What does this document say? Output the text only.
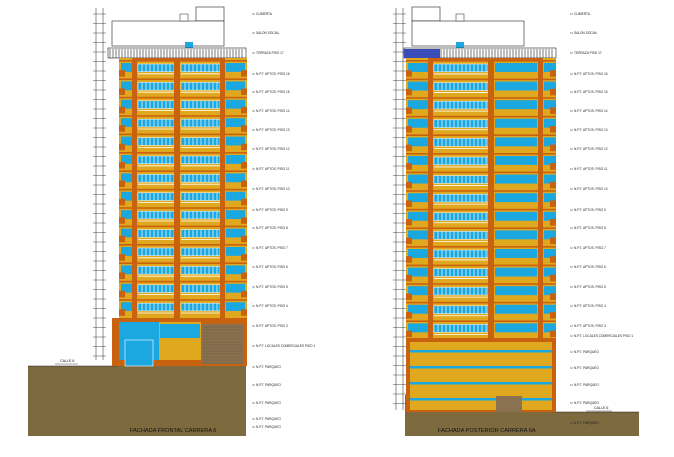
CUBIERTA
SALON SOCIAL
TERRAZA PISO 17
N.P.T. APTOS. PISO 16
N.P.T. APTOS. PISO 15
N.P.T. APTOS. PISO 14
N.P.T. APTOS. PISO 13
N.P.T. APTOS. PISO 12
N.P.T. APTOS. PISO 11
N.P.T. APTOS. PISO 10
N.P.T. APTOS. PISO 9
N.P.T. APTOS. PISO 8
N.P.T. APTOS. PISO 7
N.P.T. APTOS. PISO 6
N.P.T. APTOS. PISO 5
N.P.T. APTOS. PISO 4
N.P.T. APTOS. PISO 3
N.P.T. LOCALES COMERCIALES PISO 1
N.P.T. PARQUEO
N.P.T. PARQUEO
N.P.T. PARQUEO
N.P.T. PARQUEO
N.P.T. PARQUEO
CALLE 6
FACHADA FRONTAL CARRERA 6
CUBIERTA
SALON SOCIAL
TERRAZA PISO 17
N.P.T. APTOS. PISO 16
N.P.T. APTOS. PISO 15
N.P.T. APTOS. PISO 14
N.P.T. APTOS. PISO 13
N.P.T. APTOS. PISO 12
N.P.T. APTOS. PISO 11
N.P.T. APTOS. PISO 10
N.P.T. APTOS. PISO 9
N.P.T. APTOS. PISO 8
N.P.T. APTOS. PISO 7
N.P.T. APTOS. PISO 6
N.P.T. APTOS. PISO 5
N.P.T. APTOS. PISO 4
N.P.T. APTOS. PISO 3
N.P.T. LOCALES COMERCIALES PISO 1
N.P.T. PARQUEO
N.P.T. PARQUEO
N.P.T. PARQUEO
N.P.T. PARQUEO
N.P.T. PARQUEO
CALLE 6
FACHADA POSTERIOR CARRERA 6A
